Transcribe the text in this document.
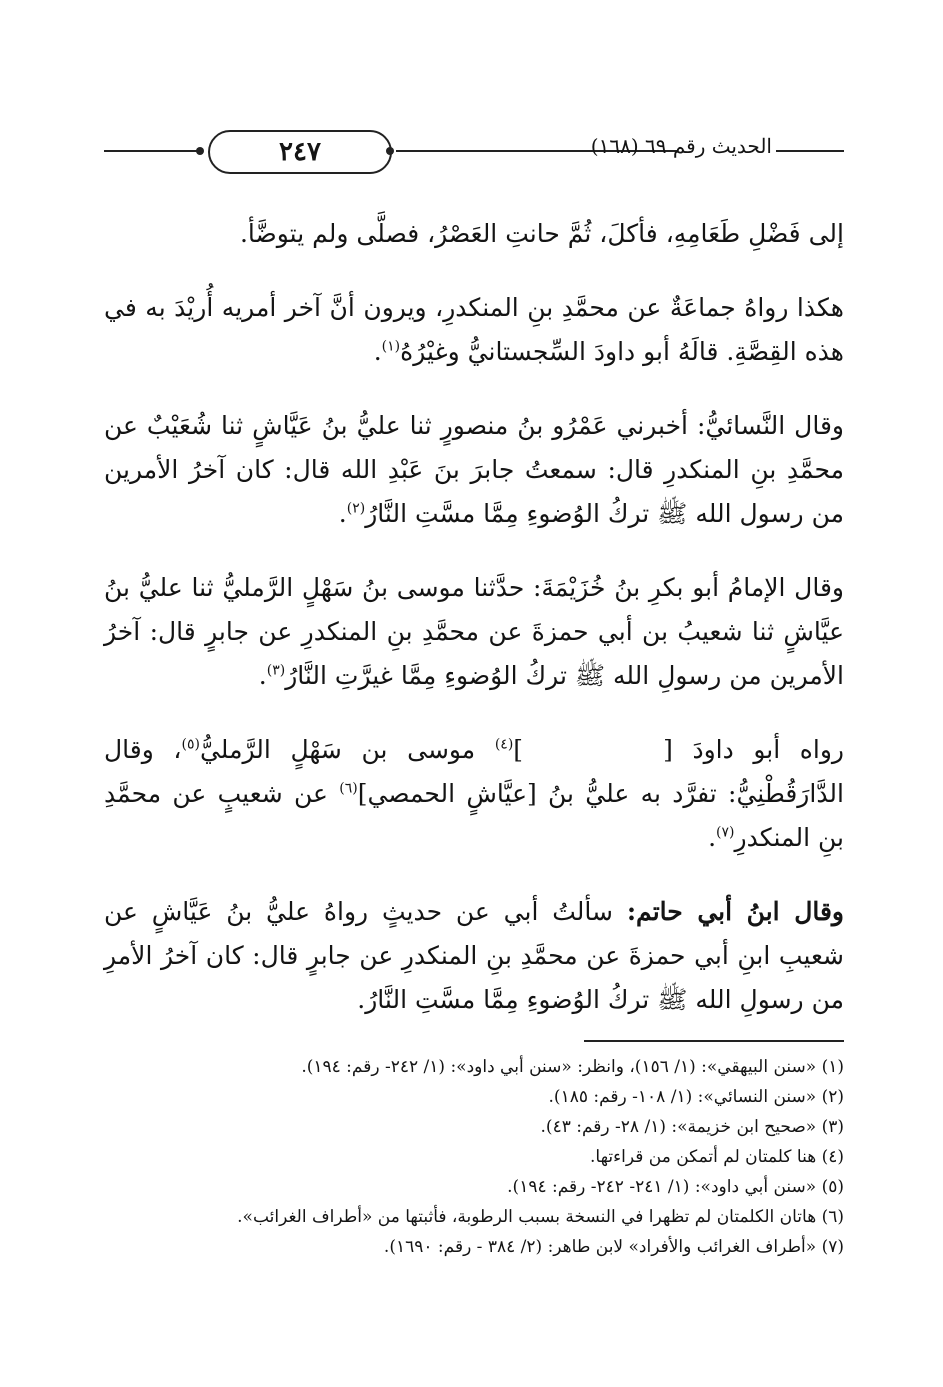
٢٤٧	الحديث رقم ٦٩ (١٦٨)

إلى فَضْلِ طَعَامِهِ، فأكلَ، ثُمَّ حانتِ العَصْرُ، فصلَّى ولم يتوضَّأ.

هكذا رواهُ جماعَةٌ عن محمَّدِ بنِ المنكدرِ، ويرون أنَّ آخر أمريه أُريْدَ به في هذه القِصَّةِ. قالَهُ أبو داودَ السِّجستانيُّ وغيْرُهُ$^{(١)}$.

وقال النَّسائيُّ: أخبرني عَمْرُو بنُ منصورٍ ثنا عليُّ بنُ عَيَّاشٍ ثنا شُعَيْبٌ عن محمَّدِ بنِ المنكدرِ قال: سمعتُ جابرَ بنَ عَبْدِ الله قال: كان آخرُ الأمرين من رسول الله ﷺ تركُ الوُضوءِ مِمَّا مسَّتِ النَّارُ$^{(٢)}$.

وقال الإمامُ أبو بكرِ بنُ خُزَيْمَةَ: حدَّثنا موسى بنُ سَهْلٍ الرَّمليُّ ثنا عليُّ بنُ عيَّاشٍ ثنا شعيبُ بن أبي حمزةَ عن محمَّدِ بنِ المنكدرِ عن جابرٍ قال: آخرُ الأمرين من رسولِ الله ﷺ تركُ الوُضوءِ مِمَّا غيرَّتِ النَّارُ$^{(٣)}$.

رواه أبو داودَ []$^{(٤)}$ موسى بن سَهْلٍ الرَّمليُّ$^{(٥)}$، وقال الدَّارَقُطْنِيُّ: تفرَّد به عليُّ بنُ [عيَّاشٍ الحمصي]$^{(٦)}$ عن شعيبٍ عن محمَّدِ بنِ المنكدرِ$^{(٧)}$.

وقال ابنُ أبي حاتم: سألتُ أبي عن حديثٍ رواهُ عليُّ بنُ عَيَّاشٍ عن شعيبِ ابنِ أبي حمزةَ عن محمَّدِ بنِ المنكدرِ عن جابرٍ قال: كان آخرُ الأمرِ من رسولِ الله ﷺ تركُ الوُضوءِ مِمَّا مسَّتِ النَّارُ.

(١) «سنن البيهقي»: (١/ ١٥٦)، وانظر: «سنن أبي داود»: (١/ ٢٤٢- رقم: ١٩٤).
(٢) «سنن النسائي»: (١/ ١٠٨- رقم: ١٨٥).
(٣) «صحيح ابن خزيمة»: (١/ ٢٨- رقم: ٤٣).
(٤) هنا كلمتان لم أتمكن من قراءتها.
(٥) «سنن أبي داود»: (١/ ٢٤١- ٢٤٢- رقم: ١٩٤).
(٦) هاتان الكلمتان لم تظهرا في النسخة بسبب الرطوبة، فأثبتها من «أطراف الغرائب».
(٧) «أطراف الغرائب والأفراد» لابن طاهر: (٢/ ٣٨٤ - رقم: ١٦٩٠).
